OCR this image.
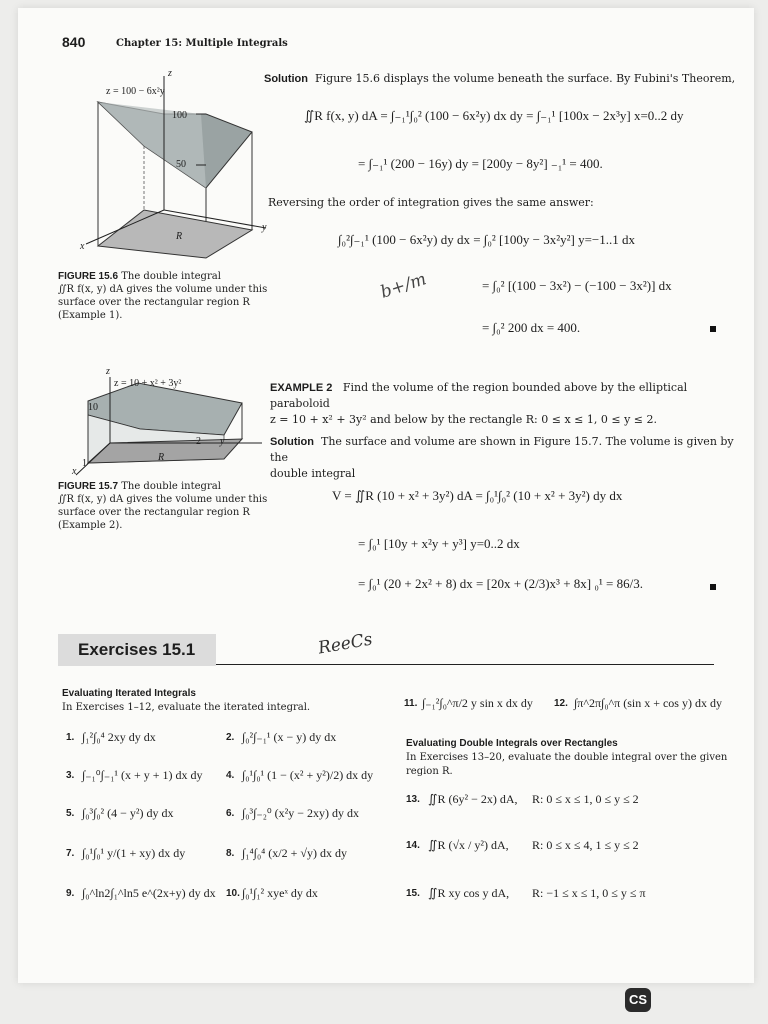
840	Chapter 15: Multiple Integrals
z = 100 − 6x²y
100
50
R
z
x
y
FIGURE 15.6 The double integral
∬R f(x, y) dA gives the volume under this
surface over the rectangular region R
(Example 1).
Solution Figure 15.6 displays the volume beneath the surface. By Fubini's Theorem,
∬R f(x, y) dA = ∫₋₁¹∫₀² (100 − 6x²y) dx dy = ∫₋₁¹ [100x − 2x³y] x=0..2 dy
= ∫₋₁¹ (200 − 16y) dy = [200y − 8y²] ₋₁¹ = 400.
Reversing the order of integration gives the same answer:
∫₀²∫₋₁¹ (100 − 6x²y) dy dx = ∫₀² [100y − 3x²y²] y=−1..1 dx
= ∫₀² [(100 − 3x²) − (−100 − 3x²)] dx
= ∫₀² 200 dx = 400.
b+/m
z = 10 + x² + 3y²
10
1
2
R
z
x
y
FIGURE 15.7 The double integral
∬R f(x, y) dA gives the volume under this
surface over the rectangular region R
(Example 2).
EXAMPLE 2 Find the volume of the region bounded above by the elliptical paraboloid
z = 10 + x² + 3y² and below by the rectangle R: 0 ≤ x ≤ 1, 0 ≤ y ≤ 2.
Solution The surface and volume are shown in Figure 15.7. The volume is given by the
double integral
V = ∬R (10 + x² + 3y²) dA = ∫₀¹∫₀² (10 + x² + 3y²) dy dx
= ∫₀¹ [10y + x²y + y³] y=0..2 dx
= ∫₀¹ (20 + 2x² + 8) dx = [20x + (2/3)x³ + 8x] ₀¹ = 86/3.
Exercises 15.1	ReeCs
Evaluating Iterated Integrals
In Exercises 1–12, evaluate the iterated integral.
1. ∫₁²∫₀⁴ 2xy dy dx	2. ∫₀²∫₋₁¹ (x − y) dy dx
3. ∫₋₁⁰∫₋₁¹ (x + y + 1) dx dy 4. ∫₀¹∫₀¹ (1 − (x² + y²)/2) dx dy
5. ∫₀³∫₀² (4 − y²) dy dx	6. ∫₀³∫₋₂⁰ (x²y − 2xy) dy dx
7. ∫₀¹∫₀¹ y/(1 + xy) dx dy	8. ∫₁⁴∫₀⁴ (x/2 + √y) dx dy
9. ∫₀^ln2∫₁^ln5 e^(2x+y) dy dx 10. ∫₀¹∫₁² xyeˣ dy dx
11. ∫₋₁²∫₀^π/2 y sin x dx dy 12. ∫π^2π∫₀^π (sin x + cos y) dx dy
Evaluating Double Integrals over Rectangles
In Exercises 13–20, evaluate the double integral over the given
region R.
13. ∬R (6y² − 2x) dA, R: 0 ≤ x ≤ 1, 0 ≤ y ≤ 2
14. ∬R (√x / y²) dA, R: 0 ≤ x ≤ 4, 1 ≤ y ≤ 2
15. ∬R xy cos y dA, R: −1 ≤ x ≤ 1, 0 ≤ y ≤ π
CS
